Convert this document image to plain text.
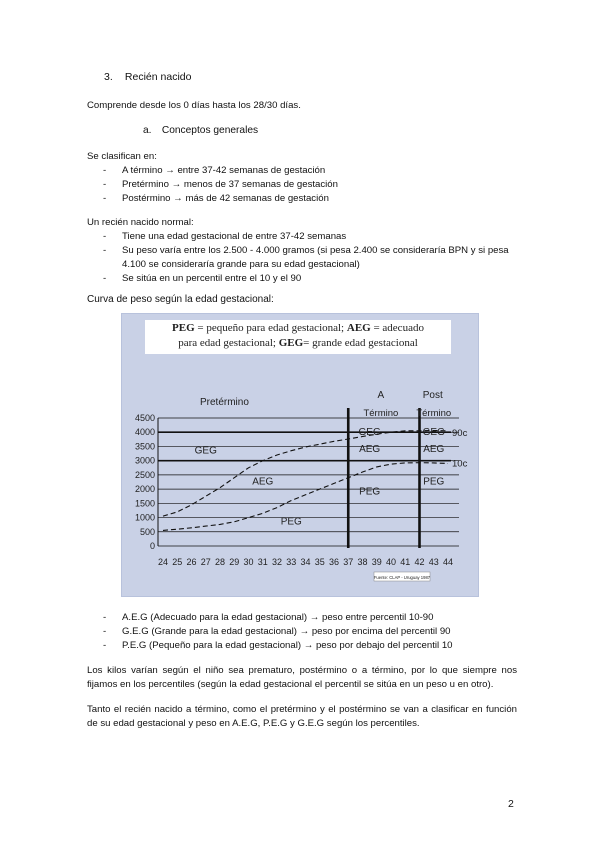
3. Recién nacido
Comprende desde los 0 días hasta los 28/30 días.
a. Conceptos generales
Se clasifican en:
- A término → entre 37-42 semanas de gestación
- Pretérmino → menos de 37 semanas de gestación
- Postérmino → más de 42 semanas de gestación
Un recién nacido normal:
- Tiene una edad gestacional de entre 37-42 semanas
- Su peso varía entre los 2.500 - 4.000 gramos (si pesa 2.400 se consideraría BPN y si pesa 4.100 se consideraría grande para su edad gestacional)
- Se sitúa en un percentil entre el 10 y el 90
Curva de peso según la edad gestacional:
PEG = pequeño para edad gestacional; AEG = adecuado
para edad gestacional; GEG= grande edad gestacional
0
500
1000
1500
2000
2500
3000
3500
4000
4500
24 25 26 27 28 29 30 31 32 33 34 35 36 37 38 39 40 41 42 43 44
Pretérmino
A
Término
Post
Término
GEG
AEG
PEG
GEG
AEG
PEG
GEG
AEG
PEG
90c
10c
Fuente: CLAP - Uruguay 1987
- A.E.G (Adecuado para la edad gestacional) → peso entre percentil 10-90
- G.E.G (Grande para la edad gestacional) → peso por encima del percentil 90
- P.E.G (Pequeño para la edad gestacional) → peso por debajo del percentil 10
Los kilos varían según el niño sea prematuro, postérmino o a término, por lo que siempre nos fijamos en los percentiles (según la edad gestacional el percentil se sitúa en un peso u en otro).
Tanto el recién nacido a término, como el pretérmino y el postérmino se van a clasificar en función de su edad gestacional y peso en A.E.G, P.E.G y G.E.G según los percentiles.
2
